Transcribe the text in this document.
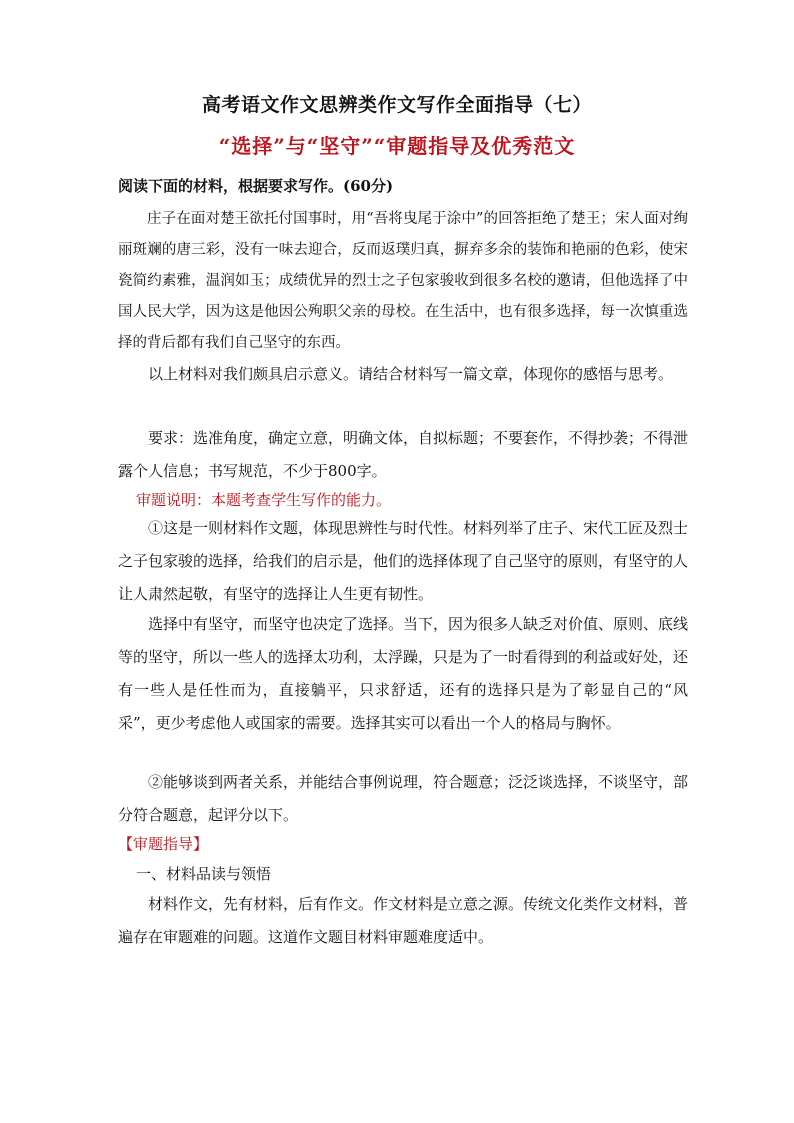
高考语文作文思辨类作文写作全面指导（七）
“选择”与“坚守”“审题指导及优秀范文
阅读下面的材料，根据要求写作。(60分)

庄子在面对楚王欲托付国事时，用“吾将曳尾于涂中”的回答拒绝了楚王；宋人面对绚丽斑斓的唐三彩，没有一味去迎合，反而返璞归真，摒弃多余的装饰和艳丽的色彩，使宋瓷简约素雅，温润如玉；成绩优异的烈士之子包家骏收到很多名校的邀请，但他选择了中国人民大学，因为这是他因公殉职父亲的母校。在生活中，也有很多选择，每一次慎重选择的背后都有我们自己坚守的东西。

以上材料对我们颇具启示意义。请结合材料写一篇文章，体现你的感悟与思考。

要求：选准角度，确定立意，明确文体，自拟标题；不要套作，不得抄袭；不得泄露个人信息；书写规范，不少于800字。

审题说明：本题考查学生写作的能力。

①这是一则材料作文题，体现思辨性与时代性。材料列举了庄子、宋代工匠及烈士之子包家骏的选择，给我们的启示是，他们的选择体现了自己坚守的原则，有坚守的人让人肃然起敬，有坚守的选择让人生更有韧性。

选择中有坚守，而坚守也决定了选择。当下，因为很多人缺乏对价值、原则、底线等的坚守，所以一些人的选择太功利，太浮躁，只是为了一时看得到的利益或好处，还有一些人是任性而为，直接躺平，只求舒适，还有的选择只是为了彰显自己的“风采”，更少考虑他人或国家的需要。选择其实可以看出一个人的格局与胸怀。

②能够谈到两者关系，并能结合事例说理，符合题意；泛泛谈选择，不谈坚守，部分符合题意，起评分以下。

【审题指导】
一、材料品读与领悟

材料作文，先有材料，后有作文。作文材料是立意之源。传统文化类作文材料，普遍存在审题难的问题。这道作文题目材料审题难度适中。
